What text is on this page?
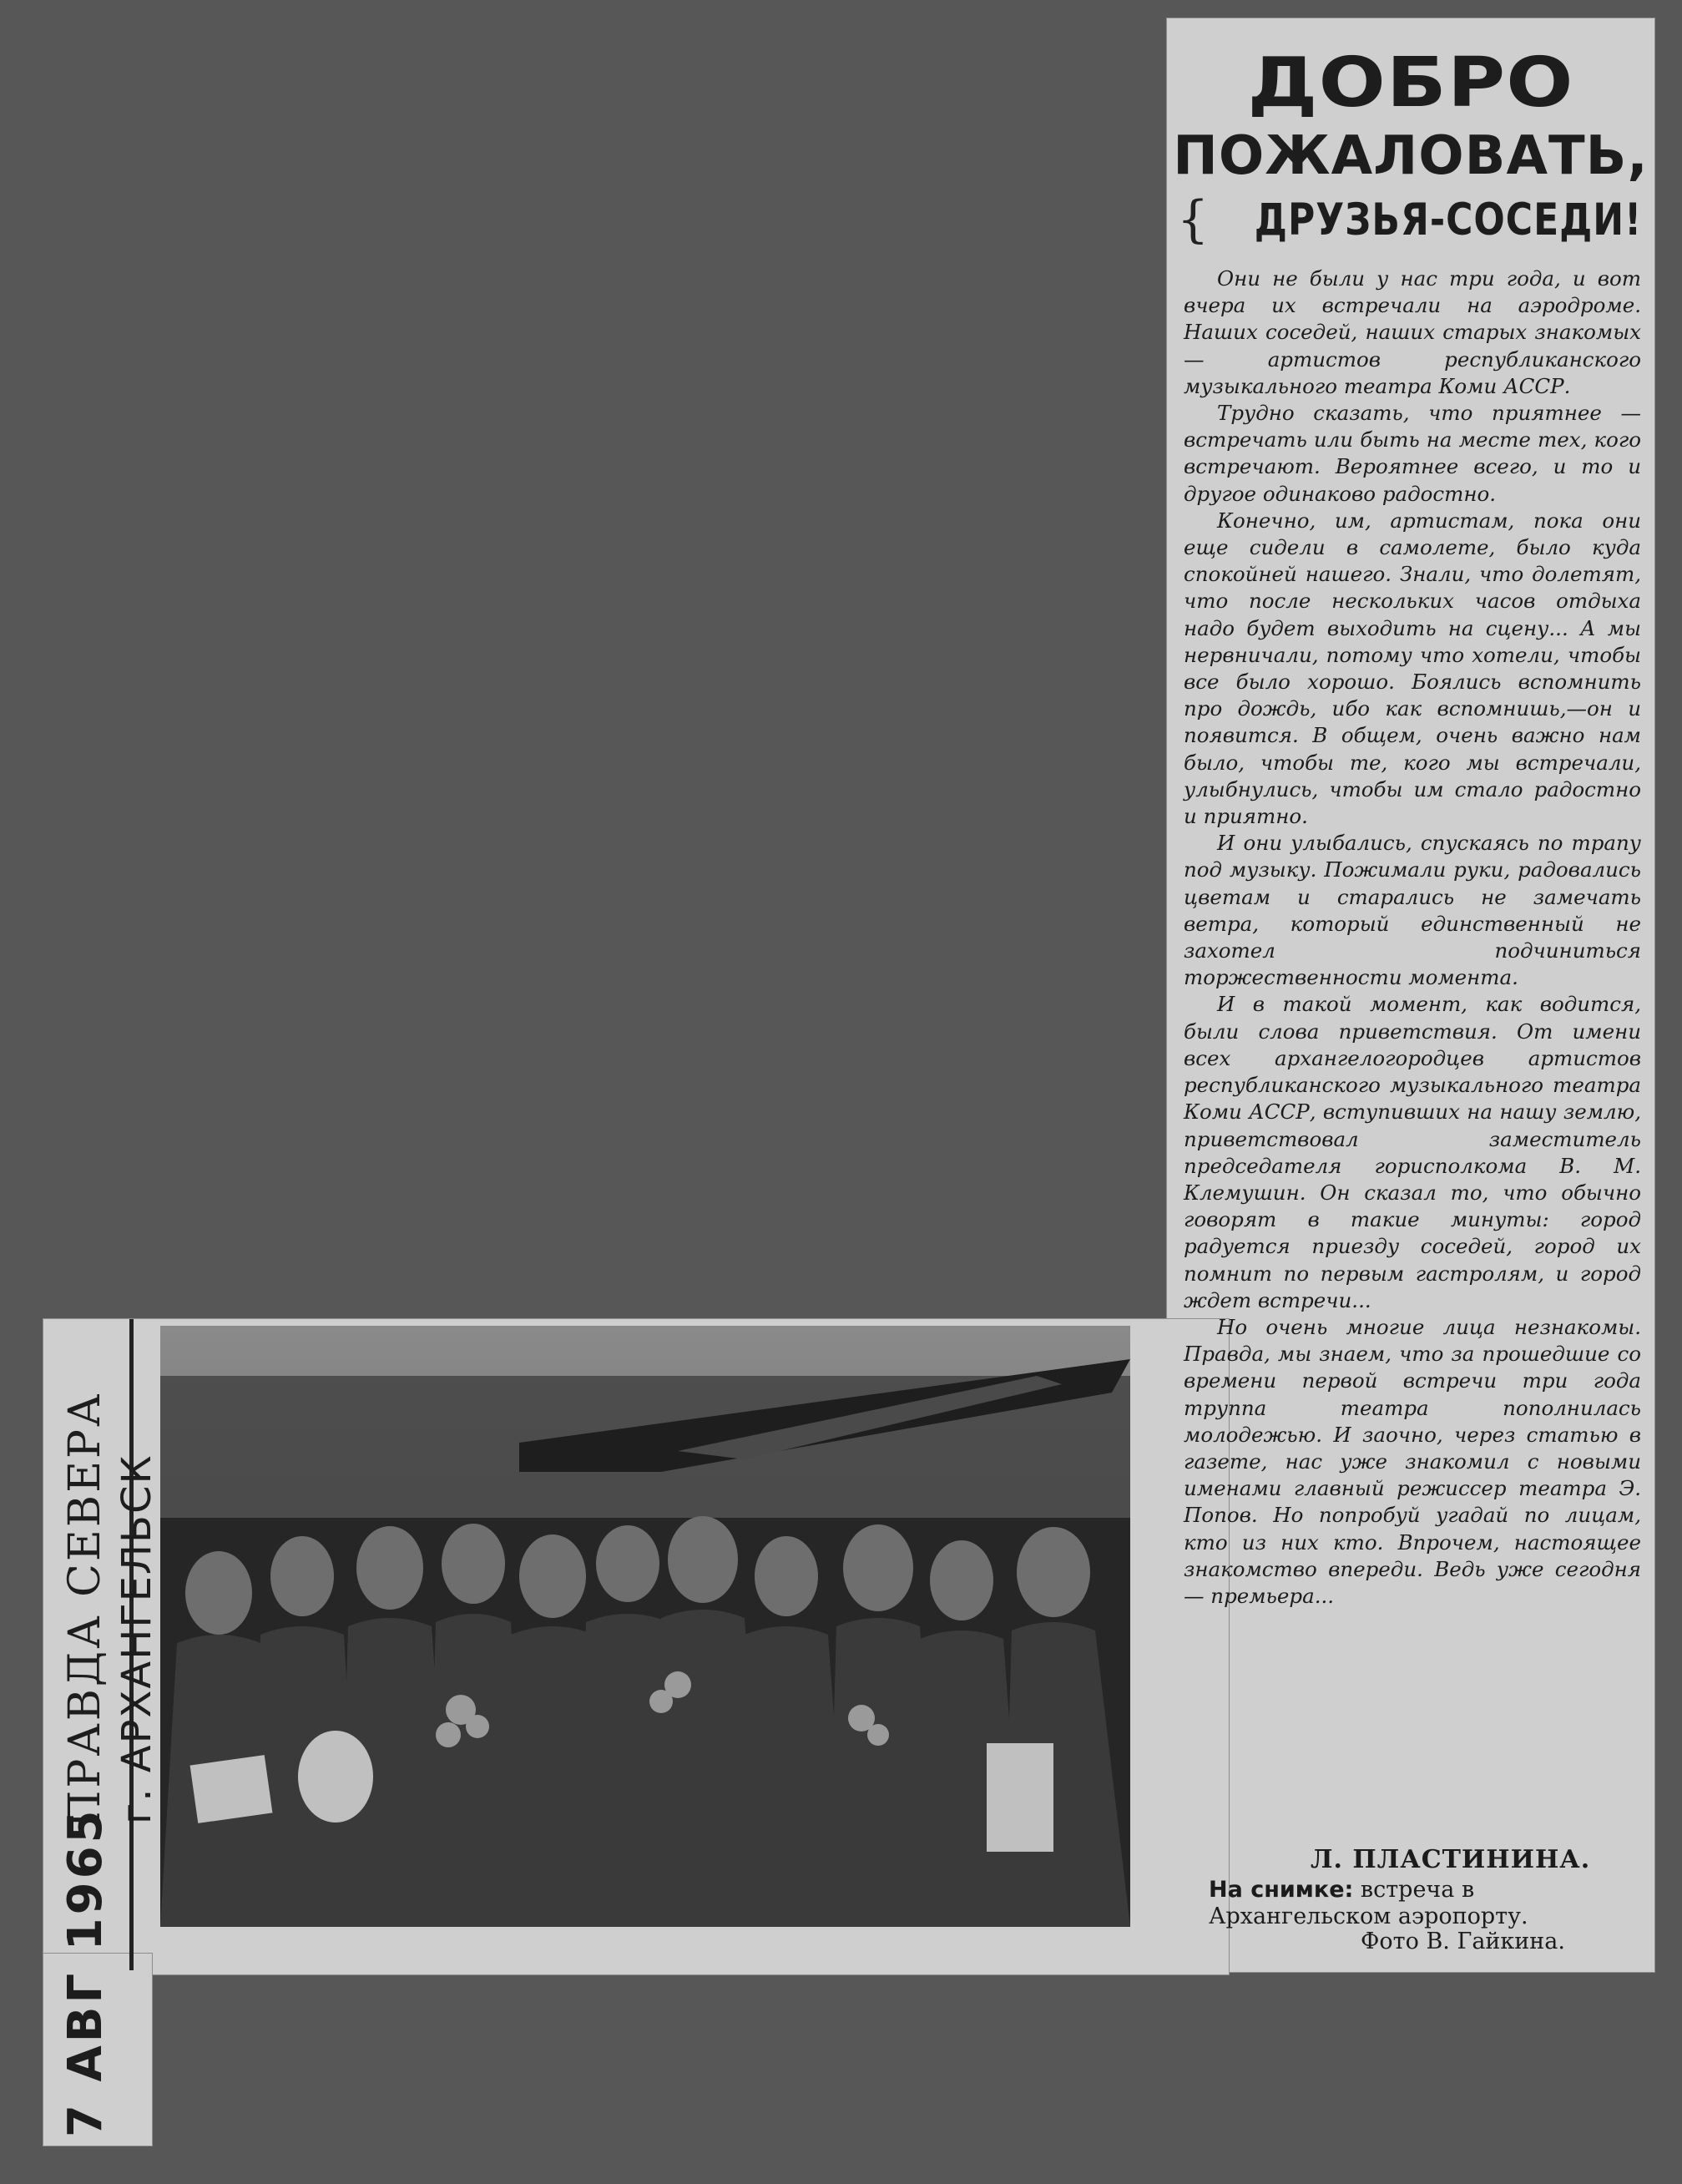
ДОБРО
ПОЖАЛОВАТЬ,
ДРУЗЬЯ-СОСЕДИ!
{

Они не были у нас три года, и вот вчера их встречали на аэродроме. Наших соседей, наших старых знакомых — артистов республиканского музыкального театра Коми АССР.

Трудно сказать, что приятнее — встречать или быть на месте тех, кого встречают. Вероятнее всего, и то и другое одинаково радостно.

Конечно, им, артистам, пока они еще сидели в самолете, было куда спокойней нашего. Знали, что долетят, что после нескольких часов отдыха надо будет выходить на сцену... А мы нервничали, потому что хотели, чтобы все было хорошо. Боялись вспомнить про дождь, ибо как вспомнишь,—он и появится. В общем, очень важно нам было, чтобы те, кого мы встречали, улыбнулись, чтобы им стало радостно и приятно.

И они улыбались, спускаясь по трапу под музыку. Пожимали руки, радовались цветам и старались не замечать ветра, который единственный не захотел подчиниться торжественности момента.

И в такой момент, как водится, были слова приветствия. От имени всех архангелогородцев артистов республиканского музыкального театра Коми АССР, вступивших на нашу землю, приветствовал заместитель председателя горисполкома В. М. Клемушин. Он сказал то, что обычно говорят в такие минуты: город радуется приезду соседей, город их помнит по первым гастролям, и город ждет встречи...

Но очень многие лица незнакомы. Правда, мы знаем, что за прошедшие со времени первой встречи три года труппа театра пополнилась молодежью. И заочно, через статью в газете, нас уже знакомил с новыми именами главный режиссер театра Э. Попов. Но попробуй угадай по лицам, кто из них кто. Впрочем, настоящее знакомство впереди. Ведь уже сегодня — премьера...

Л. ПЛАСТИНИНА.
На снимке: встреча в Архангельском аэропорту.
Фото В. Гайкина.
ПРАВДА СЕВЕРА г. АРХАНГЕЛЬСК
7 АВГ 1965
